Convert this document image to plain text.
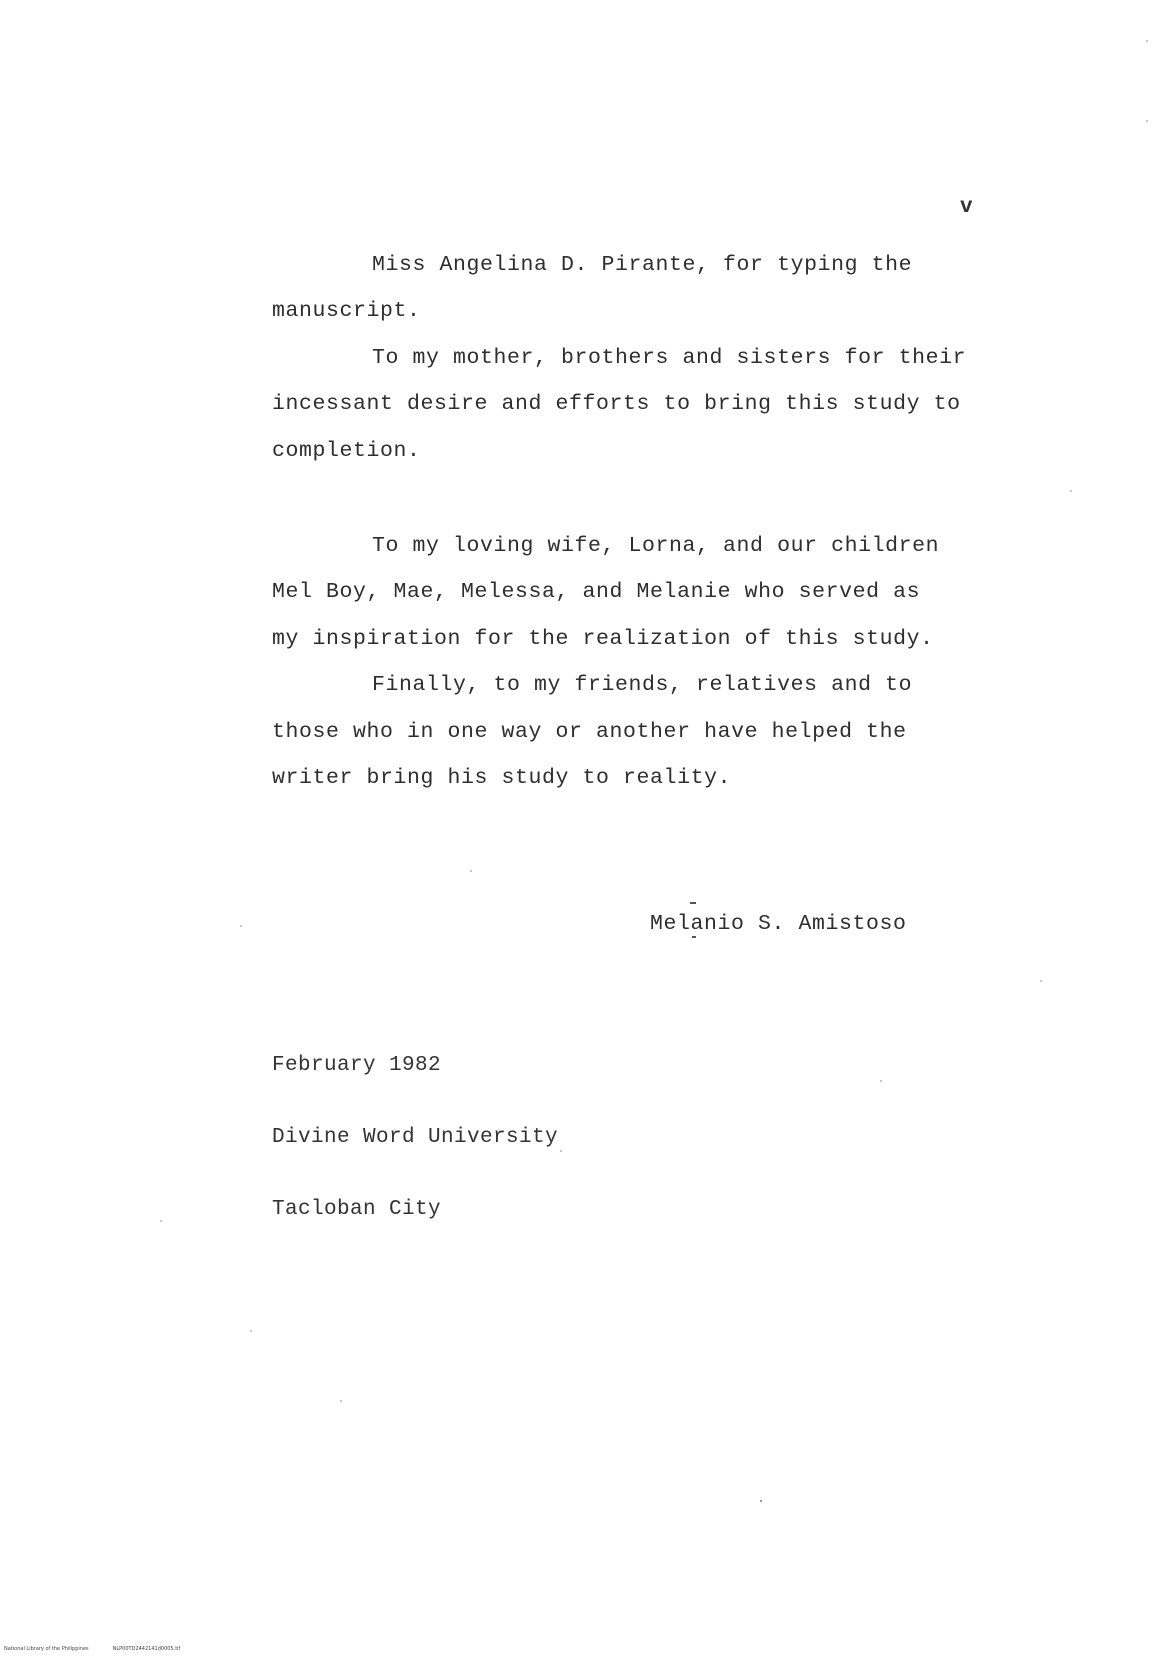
v
Miss Angelina D. Pirante, for typing the
manuscript.
To my mother, brothers and sisters for their
incessant desire and efforts to bring this study to
completion.
To my loving wife, Lorna, and our children
Mel Boy, Mae, Melessa, and Melanie who served as
my inspiration for the realization of this study.
Finally, to my friends, relatives and to
those who in one way or another have helped the
writer bring his study to reality.
Melanio S. Amistoso

February 1982

Divine Word University

Tacloban City

National Library of the Philippines	NLP00TD2442141d0005.tif
